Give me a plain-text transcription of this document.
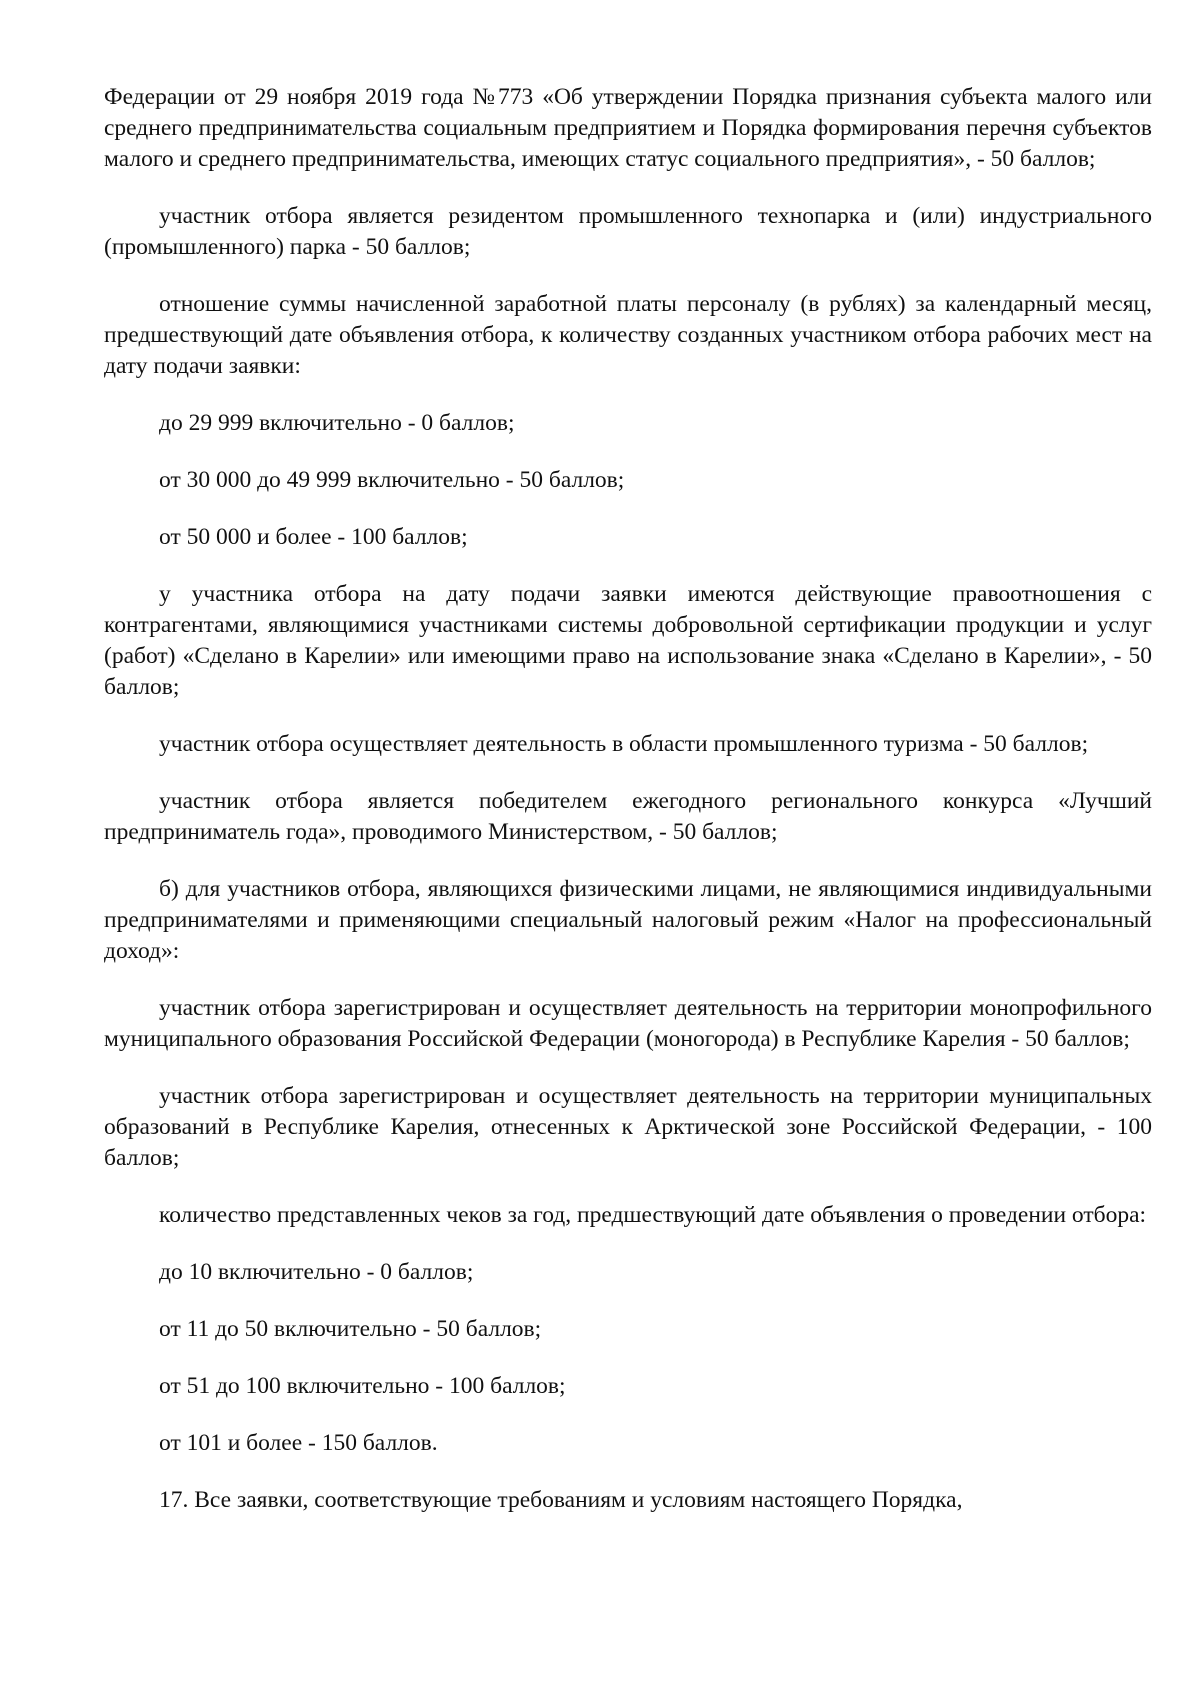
Федерации от 29 ноября 2019 года №773 «Об утверждении Порядка признания субъекта малого или среднего предпринимательства социальным предприятием и Порядка формирования перечня субъектов малого и среднего предпринимательства, имеющих статус социального предприятия», - 50 баллов;

участник отбора является резидентом промышленного технопарка и (или) индустриального (промышленного) парка - 50 баллов;

отношение суммы начисленной заработной платы персоналу (в рублях) за календарный месяц, предшествующий дате объявления отбора, к количеству созданных участником отбора рабочих мест на дату подачи заявки:

до 29 999 включительно - 0 баллов;

от 30 000 до 49 999 включительно - 50 баллов;

от 50 000 и более - 100 баллов;

у участника отбора на дату подачи заявки имеются действующие правоотношения с контрагентами, являющимися участниками системы добровольной сертификации продукции и услуг (работ) «Сделано в Карелии» или имеющими право на использование знака «Сделано в Карелии», - 50 баллов;

участник отбора осуществляет деятельность в области промышленного туризма - 50 баллов;

участник отбора является победителем ежегодного регионального конкурса «Лучший предприниматель года», проводимого Министерством, - 50 баллов;

б) для участников отбора, являющихся физическими лицами, не являющимися индивидуальными предпринимателями и применяющими специальный налоговый режим «Налог на профессиональный доход»:

участник отбора зарегистрирован и осуществляет деятельность на территории монопрофильного муниципального образования Российской Федерации (моногорода) в Республике Карелия - 50 баллов;

участник отбора зарегистрирован и осуществляет деятельность на территории муниципальных образований в Республике Карелия, отнесенных к Арктической зоне Российской Федерации, - 100 баллов;

количество представленных чеков за год, предшествующий дате объявления о проведении отбора:

до 10 включительно - 0 баллов;

от 11 до 50 включительно - 50 баллов;

от 51 до 100 включительно - 100 баллов;

от 101 и более - 150 баллов.

17. Все заявки, соответствующие требованиям и условиям настоящего Порядка,
